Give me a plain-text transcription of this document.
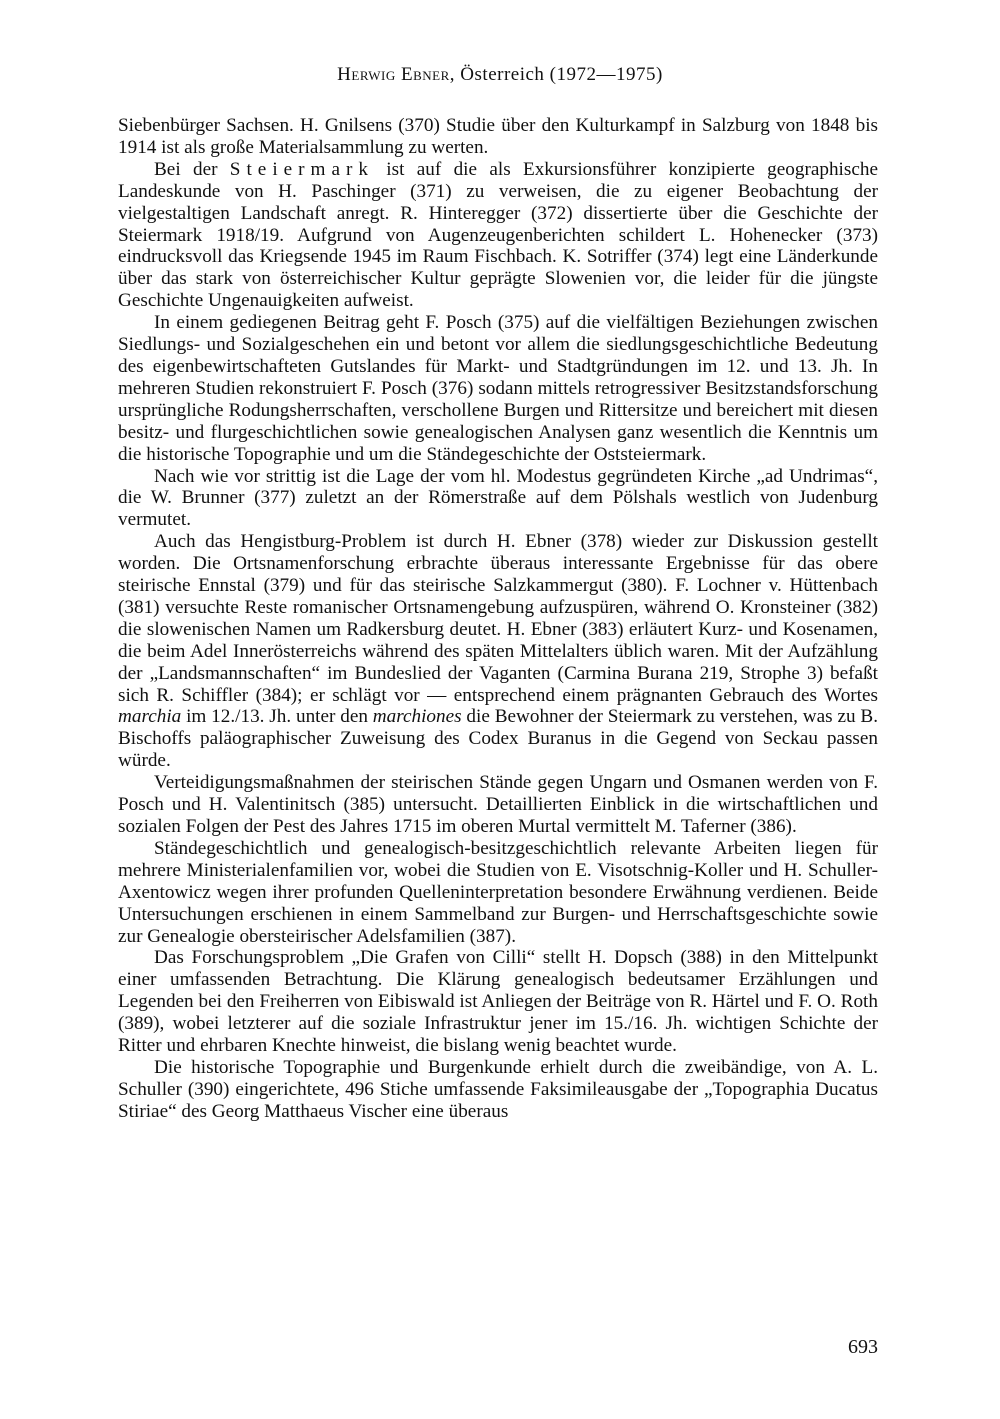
Herwig Ebner, Österreich (1972—1975)

Siebenbürger Sachsen. H. Gnilsens (370) Studie über den Kulturkampf in Salzburg von 1848 bis 1914 ist als große Materialsammlung zu werten.

Bei der Steiermark ist auf die als Exkursionsführer konzipierte geographische Landeskunde von H. Paschinger (371) zu verweisen, die zu eigener Beobachtung der vielgestaltigen Landschaft anregt. R. Hinteregger (372) dissertierte über die Geschichte der Steiermark 1918/19. Aufgrund von Augenzeugenberichten schildert L. Hohenecker (373) eindrucksvoll das Kriegsende 1945 im Raum Fischbach. K. Sotriffer (374) legt eine Länderkunde über das stark von österreichischer Kultur geprägte Slowenien vor, die leider für die jüngste Geschichte Ungenauigkeiten aufweist.

In einem gediegenen Beitrag geht F. Posch (375) auf die vielfältigen Beziehungen zwischen Siedlungs- und Sozialgeschehen ein und betont vor allem die siedlungsgeschichtliche Bedeutung des eigenbewirtschafteten Gutslandes für Markt- und Stadtgründungen im 12. und 13. Jh. In mehreren Studien rekonstruiert F. Posch (376) sodann mittels retrogressiver Besitzstandsforschung ursprüngliche Rodungsherrschaften, verschollene Burgen und Rittersitze und bereichert mit diesen besitz- und flurgeschichtlichen sowie genealogischen Analysen ganz wesentlich die Kenntnis um die historische Topographie und um die Ständegeschichte der Oststeiermark.

Nach wie vor strittig ist die Lage der vom hl. Modestus gegründeten Kirche „ad Undrimas“, die W. Brunner (377) zuletzt an der Römerstraße auf dem Pölshals westlich von Judenburg vermutet.

Auch das Hengistburg-Problem ist durch H. Ebner (378) wieder zur Diskussion gestellt worden. Die Ortsnamenforschung erbrachte überaus interessante Ergebnisse für das obere steirische Ennstal (379) und für das steirische Salzkammergut (380). F. Lochner v. Hüttenbach (381) versuchte Reste romanischer Ortsnamengebung aufzuspüren, während O. Kronsteiner (382) die slowenischen Namen um Radkersburg deutet. H. Ebner (383) erläutert Kurz- und Kosenamen, die beim Adel Innerösterreichs während des späten Mittelalters üblich waren. Mit der Aufzählung der „Landsmannschaften“ im Bundeslied der Vaganten (Carmina Burana 219, Strophe 3) befaßt sich R. Schiffler (384); er schlägt vor — entsprechend einem prägnanten Gebrauch des Wortes marchia im 12./13. Jh. unter den marchiones die Bewohner der Steiermark zu verstehen, was zu B. Bischoffs paläographischer Zuweisung des Codex Buranus in die Gegend von Seckau passen würde.

Verteidigungsmaßnahmen der steirischen Stände gegen Ungarn und Osmanen werden von F. Posch und H. Valentinitsch (385) untersucht. Detaillierten Einblick in die wirtschaftlichen und sozialen Folgen der Pest des Jahres 1715 im oberen Murtal vermittelt M. Taferner (386).

Ständegeschichtlich und genealogisch-besitzgeschichtlich relevante Arbeiten liegen für mehrere Ministerialenfamilien vor, wobei die Studien von E. Visotschnig-Koller und H. Schuller-Axentowicz wegen ihrer profunden Quelleninterpretation besondere Erwähnung verdienen. Beide Untersuchungen erschienen in einem Sammelband zur Burgen- und Herrschaftsgeschichte sowie zur Genealogie obersteirischer Adelsfamilien (387).

Das Forschungsproblem „Die Grafen von Cilli“ stellt H. Dopsch (388) in den Mittelpunkt einer umfassenden Betrachtung. Die Klärung genealogisch bedeutsamer Erzählungen und Legenden bei den Freiherren von Eibiswald ist Anliegen der Beiträge von R. Härtel und F. O. Roth (389), wobei letzterer auf die soziale Infrastruktur jener im 15./16. Jh. wichtigen Schichte der Ritter und ehrbaren Knechte hinweist, die bislang wenig beachtet wurde.

Die historische Topographie und Burgenkunde erhielt durch die zweibändige, von A. L. Schuller (390) eingerichtete, 496 Stiche umfassende Faksimileausgabe der „Topographia Ducatus Stiriae“ des Georg Matthaeus Vischer eine überaus

693
